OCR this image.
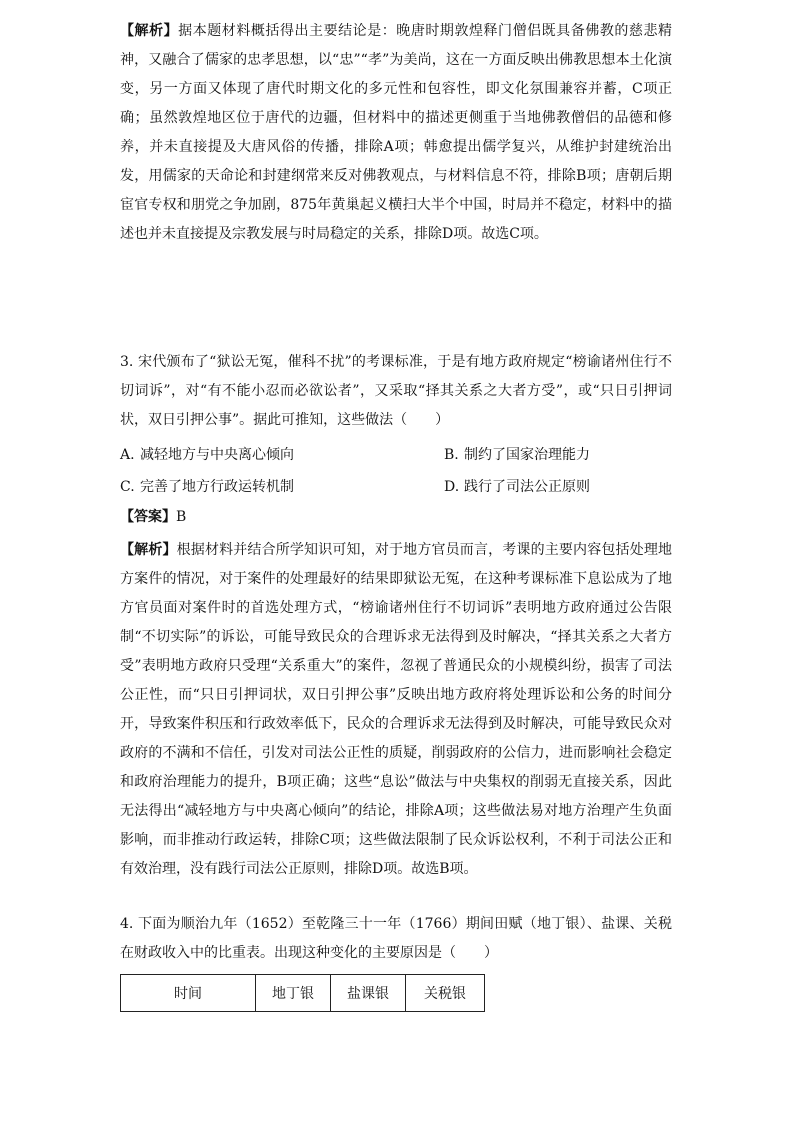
【解析】据本题材料概括得出主要结论是：晚唐时期敦煌释门僧侣既具备佛教的慈悲精神，又融合了儒家的忠孝思想，以“忠”“孝”为美尚，这在一方面反映出佛教思想本土化演变，另一方面又体现了唐代时期文化的多元性和包容性，即文化氛围兼容并蓄，C项正确；虽然敦煌地区位于唐代的边疆，但材料中的描述更侧重于当地佛教僧侣的品德和修养，并未直接提及大唐风俗的传播，排除A项；韩愈提出儒学复兴，从维护封建统治出发，用儒家的天命论和封建纲常来反对佛教观点，与材料信息不符，排除B项；唐朝后期宦官专权和朋党之争加剧，875年黄巢起义横扫大半个中国，时局并不稳定，材料中的描述也并未直接提及宗教发展与时局稳定的关系，排除D项。故选C项。

3. 宋代颁布了“狱讼无冤，催科不扰”的考课标准，于是有地方政府规定“榜谕诸州住行不切词诉”，对“有不能小忍而必欲讼者”，又采取“择其关系之大者方受”，或“只日引押词状，双日引押公事”。据此可推知，这些做法（　　）

A. 减轻地方与中央离心倾向	B. 制约了国家治理能力
C. 完善了地方行政运转机制	D. 践行了司法公正原则

【答案】B

【解析】根据材料并结合所学知识可知，对于地方官员而言，考课的主要内容包括处理地方案件的情况，对于案件的处理最好的结果即狱讼无冤，在这种考课标准下息讼成为了地方官员面对案件时的首选处理方式，“榜谕诸州住行不切词诉”表明地方政府通过公告限制“不切实际”的诉讼，可能导致民众的合理诉求无法得到及时解决，“择其关系之大者方受”表明地方政府只受理“关系重大”的案件，忽视了普通民众的小规模纠纷，损害了司法公正性，而“只日引押词状，双日引押公事”反映出地方政府将处理诉讼和公务的时间分开，导致案件积压和行政效率低下，民众的合理诉求无法得到及时解决，可能导致民众对政府的不满和不信任，引发对司法公正性的质疑，削弱政府的公信力，进而影响社会稳定和政府治理能力的提升，B项正确；这些“息讼”做法与中央集权的削弱无直接关系，因此无法得出“减轻地方与中央离心倾向”的结论，排除A项；这些做法易对地方治理产生负面影响，而非推动行政运转，排除C项；这些做法限制了民众诉讼权利，不利于司法公正和有效治理，没有践行司法公正原则，排除D项。故选B项。

4. 下面为顺治九年（1652）至乾隆三十一年（1766）期间田赋（地丁银）、盐课、关税在财政收入中的比重表。出现这种变化的主要原因是（　　）

时间	地丁银	盐课银	关税银
